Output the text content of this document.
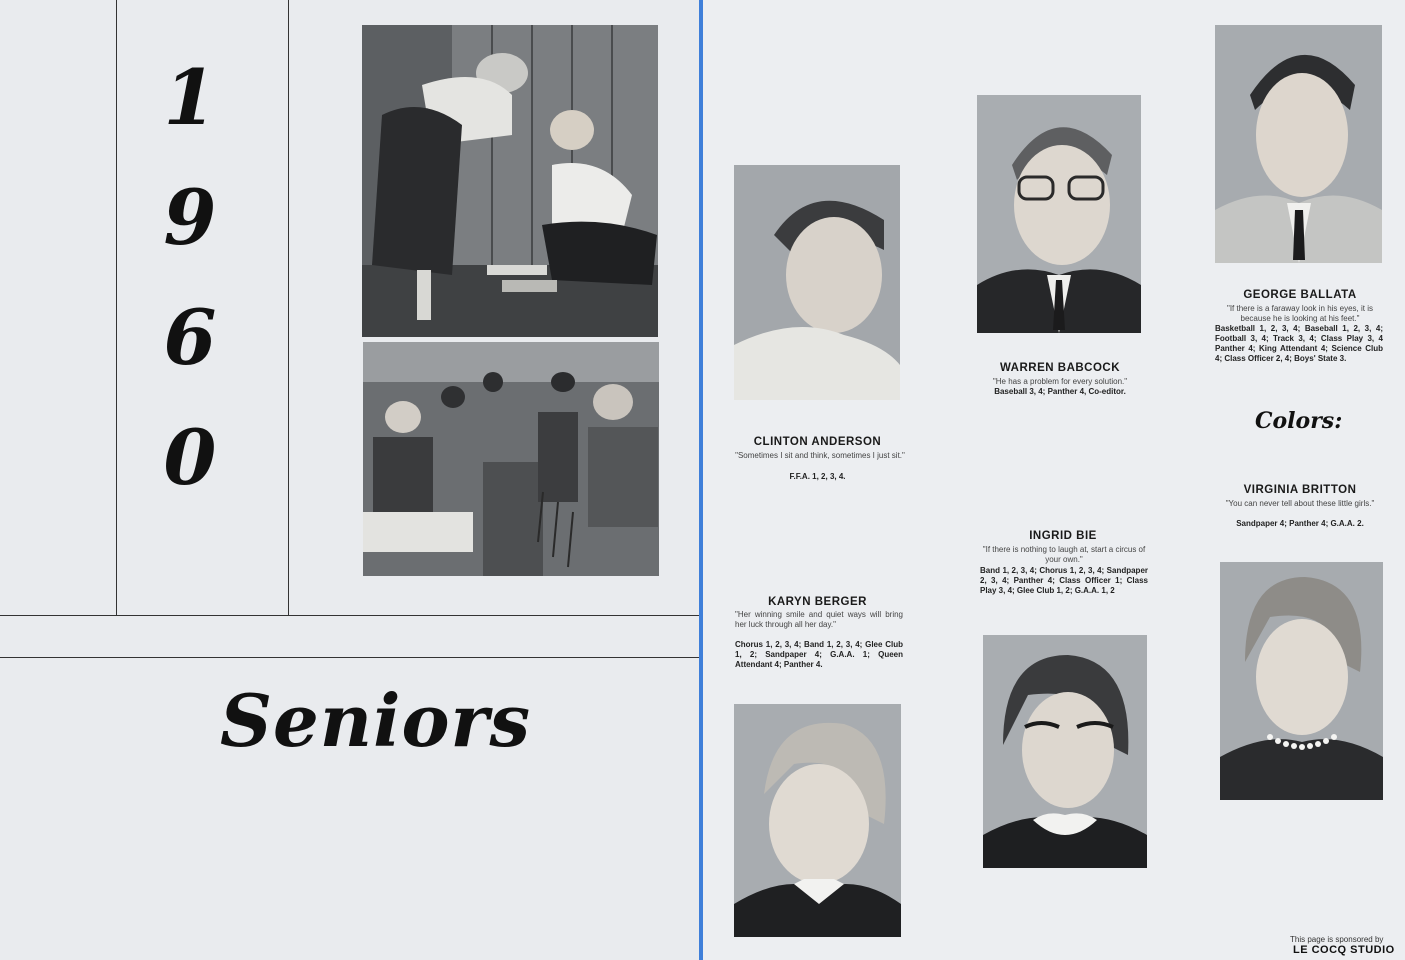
1
9
6
0
Seniors
CLINTON ANDERSON
"Sometimes I sit and think, sometimes I just sit."
F.F.A. 1, 2, 3, 4.
WARREN BABCOCK
"He has a problem for every solution."
Baseball 3, 4; Panther 4, Co-editor.
GEORGE BALLATA
"If there is a faraway look in his eyes, it is because he is looking at his feet."
Basketball 1, 2, 3, 4; Baseball 1, 2, 3, 4; Football 3, 4; Track 3, 4; Class Play 3, 4 Panther 4; King Attendant 4; Science Club 4; Class Officer 2, 4; Boys' State 3.
Colors:
VIRGINIA BRITTON
"You can never tell about these little girls."
Sandpaper 4; Panther 4; G.A.A. 2.
INGRID BIE
"If there is nothing to laugh at, start a circus of your own."
Band 1, 2, 3, 4; Chorus 1, 2, 3, 4; Sandpaper 2, 3, 4; Panther 4; Class Officer 1; Class Play 3, 4; Glee Club 1, 2; G.A.A. 1, 2
KARYN BERGER
"Her winning smile and quiet ways will bring her luck through all her day."
Chorus 1, 2, 3, 4; Band 1, 2, 3, 4; Glee Club 1, 2; Sandpaper 4; G.A.A. 1; Queen Attendant 4; Panther 4.
This page is sponsored by
LE COCQ STUDIO
